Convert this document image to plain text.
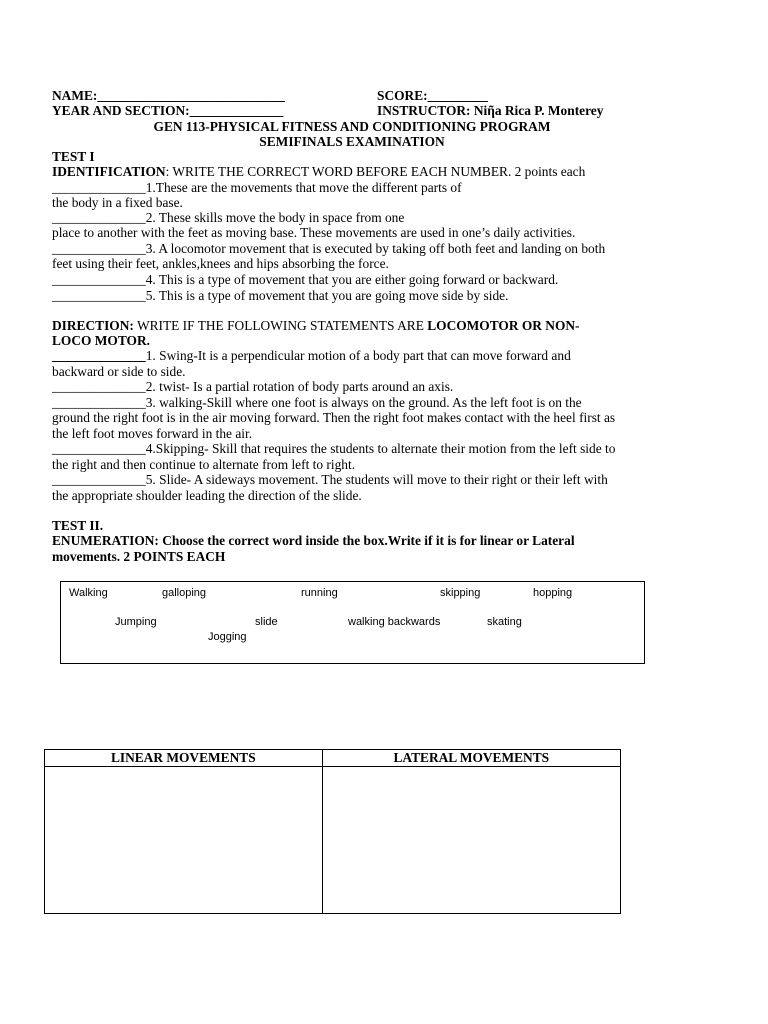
NAME:____________________________	SCORE:_________
YEAR AND SECTION:______________	INSTRUCTOR: Niῆa Rica P. Monterey
GEN 113-PHYSICAL FITNESS AND CONDITIONING PROGRAM
SEMIFINALS EXAMINATION
TEST I
IDENTIFICATION: WRITE THE CORRECT WORD BEFORE EACH NUMBER. 2 points each
______________1.These are the movements that move the different parts of
the body in a fixed base.
______________2. These skills move the body in space from one
place to another with the feet as moving base. These movements are used in one’s daily activities.
______________3. A locomotor movement that is executed by taking off both feet and landing on both
feet using their feet, ankles,knees and hips absorbing the force.
______________4. This is a type of movement that you are either going forward or backward.
______________5. This is a type of movement that you are going move side by side.
DIRECTION: WRITE IF THE FOLLOWING STATEMENTS ARE LOCOMOTOR OR NON-
LOCO MOTOR.
______________1. Swing-It is a perpendicular motion of a body part that can move forward and
backward or side to side.
______________2. twist- Is a partial rotation of body parts around an axis.
______________3. walking-Skill where one foot is always on the ground. As the left foot is on the
ground the right foot is in the air moving forward. Then the right foot makes contact with the heel first as
the left foot moves forward in the air.
______________4.Skipping- Skill that requires the students to alternate their motion from the left side to
the right and then continue to alternate from left to right.
______________5. Slide- A sideways movement. The students will move to their right or their left with
the appropriate shoulder leading the direction of the slide.
TEST II.
ENUMERATION: Choose the correct word inside the box.Write if it is for linear or Lateral
movements. 2 POINTS EACH
Walking	galloping	running	skipping	hopping
Jumping	slide	walking backwards	skating
Jogging
LINEAR MOVEMENTS	LATERAL MOVEMENTS
